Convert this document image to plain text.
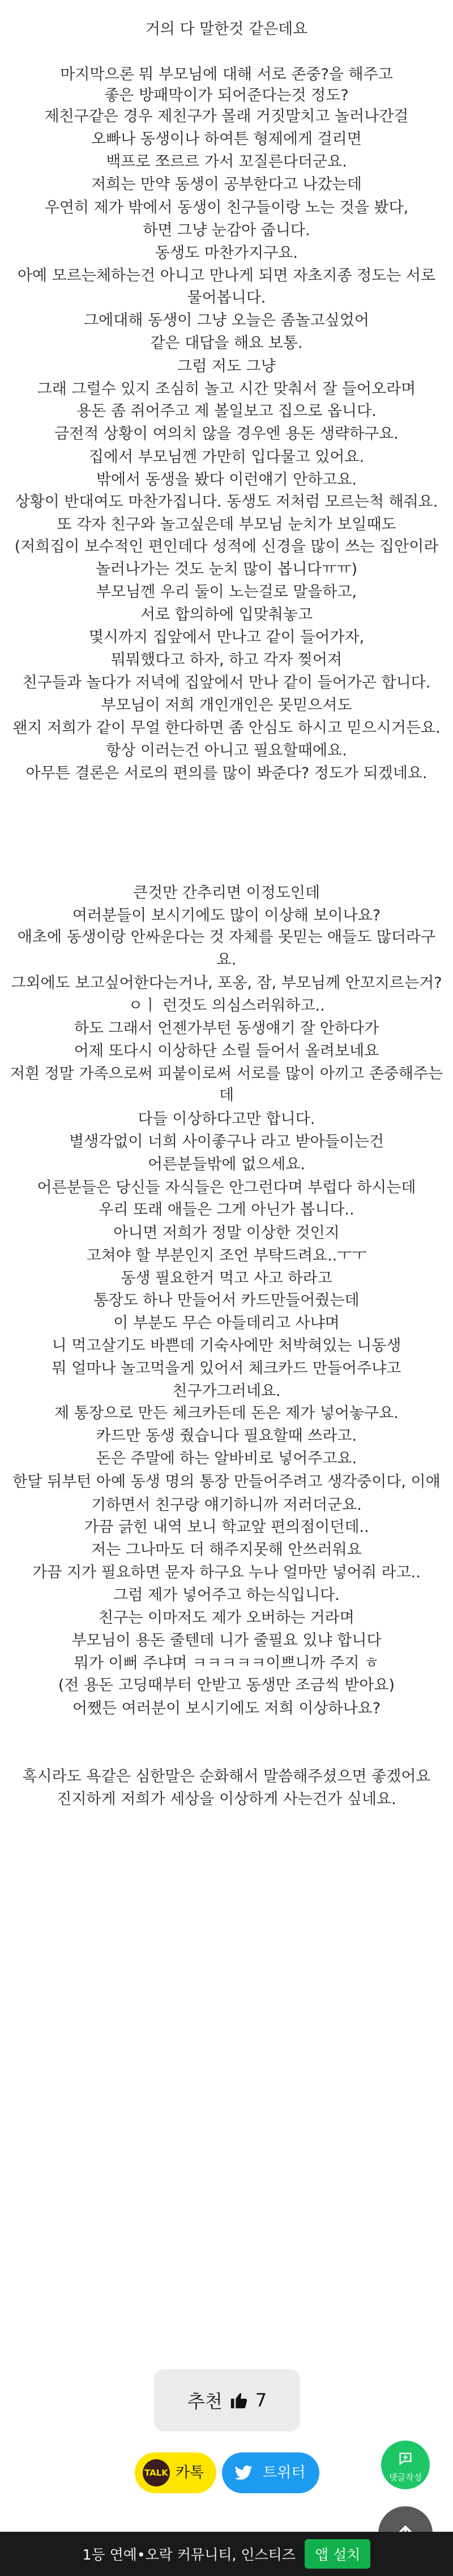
거의 다 말한것 같은데요
마지막으론 뭐 부모님에 대해 서로 존중?을 해주고
좋은 방패막이가 되어준다는것 정도?
제친구같은 경우 제친구가 몰래 거짓말치고 놀러나간걸
오빠나 동생이나 하여튼 형제에게 걸리면
백프로 쪼르르 가서 꼬질른다더군요.
저희는 만약 동생이 공부한다고 나갔는데
우연히 제가 밖에서 동생이 친구들이랑 노는 것을 봤다,
하면 그냥 눈감아 줍니다.
동생도 마찬가지구요.
아예 모르는체하는건 아니고 만나게 되면 자초지종 정도는 서로
물어봅니다.
그에대해 동생이 그냥 오늘은 좀놀고싶었어
같은 대답을 해요 보통.
그럼 저도 그냥
그래 그럴수 있지 조심히 놀고 시간 맞춰서 잘 들어오라며
용돈 좀 쥐어주고 제 볼일보고 집으로 옵니다.
금전적 상황이 여의치 않을 경우엔 용돈 생략하구요.
집에서 부모님껜 가만히 입다물고 있어요.
밖에서 동생을 봤다 이런얘기 안하고요.
상황이 반대여도 마찬가집니다. 동생도 저처럼 모르는척 해줘요.
또 각자 친구와 놀고싶은데 부모님 눈치가 보일때도
(저희집이 보수적인 편인데다 성적에 신경을 많이 쓰는 집안이라
놀러나가는 것도 눈치 많이 봅니다ㅠㅠ)
부모님껜 우리 둘이 노는걸로 말을하고,
서로 합의하에 입맞춰놓고
몇시까지 집앞에서 만나고 같이 들어가자,
뭐뭐했다고 하자, 하고 각자 찢어져
친구들과 놀다가 저녁에 집앞에서 만나 같이 들어가곤 합니다.
부모님이 저희 개인개인은 못믿으셔도
왠지 저희가 같이 무얼 한다하면 좀 안심도 하시고 믿으시거든요.
항상 이러는건 아니고 필요할때에요.
아무튼 결론은 서로의 편의를 많이 봐준다? 정도가 되겠네요.
큰것만 간추리면 이정도인데
여러분들이 보시기에도 많이 이상해 보이나요?
애초에 동생이랑 안싸운다는 것 자체를 못믿는 애들도 많더라구
요.
그외에도 보고싶어한다는거나, 포옹, 잠, 부모님께 안꼬지르는거?
ㅇㅣ 런것도 의심스러워하고..
하도 그래서 언젠가부턴 동생얘기 잘 안하다가
어제 또다시 이상하단 소릴 들어서 올려보네요
저흰 정말 가족으로써 피붙이로써 서로를 많이 아끼고 존중해주는
데
다들 이상하다고만 합니다.
별생각없이 너희 사이좋구나 라고 받아들이는건
어른분들밖에 없으세요.
어른분들은 당신들 자식들은 안그런다며 부럽다 하시는데
우리 또래 애들은 그게 아닌가 봅니다..
아니면 저희가 정말 이상한 것인지
고쳐야 할 부분인지 조언 부탁드려요..ㅜㅜ
동생 필요한거 먹고 사고 하라고
통장도 하나 만들어서 카드만들어줬는데
이 부분도 무슨 아들데리고 사냐며
니 먹고살기도 바쁜데 기숙사에만 처박혀있는 니동생
뭐 얼마나 놀고먹을게 있어서 체크카드 만들어주냐고
친구가그러네요.
제 통장으로 만든 체크카든데 돈은 제가 넣어놓구요.
카드만 동생 줬습니다 필요할때 쓰라고.
돈은 주말에 하는 알바비로 넣어주고요.
한달 뒤부턴 아예 동생 명의 통장 만들어주려고 생각중이다, 이얘
기하면서 친구랑 얘기하니까 저러더군요.
가끔 긁힌 내역 보니 학교앞 편의점이던데..
저는 그나마도 더 해주지못해 안쓰러워요
가끔 지가 필요하면 문자 하구요 누나 얼마만 넣어줘 라고..
그럼 제가 넣어주고 하는식입니다.
친구는 이마저도 제가 오버하는 거라며
부모님이 용돈 줄텐데 니가 줄필요 있냐 합니다
뭐가 이뻐 주냐며 ㅋㅋㅋㅋㅋ이쁘니까 주지 ㅎ
(전 용돈 고딩때부터 안받고 동생만 조금씩 받아요)
어쨌든 여러분이 보시기에도 저희 이상하나요?
혹시라도 욕같은 심한말은 순화해서 말씀해주셨으면 좋겠어요
진지하게 저희가 세상을 이상하게 사는건가 싶네요.
추천 7
TALK 카톡	트위터	댓글작성
1등 연예•오락 커뮤니티, 인스티즈	앱 설치
